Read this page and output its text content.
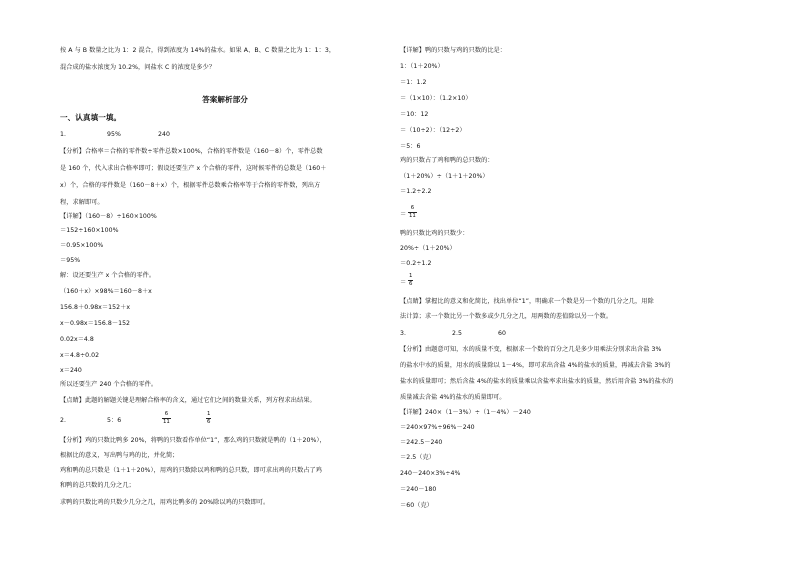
按 A 与 B 数量之比为 1：2 混合，得到浓度为 14%的盐水。如果 A、B、C 数量之比为 1：1：3，
混合成的盐水浓度为 10.2%，问盐水 C 的浓度是多少？
答案解析部分
一、认真填一填。
1.	95%	240
【分析】合格率＝合格的零件数÷零件总数×100%，合格的零件数是（160－8）个，零件总数
是 160 个，代入求出合格率即可；假设还要生产 x 个合格的零件，这时候零件的总数是（160＋
x）个，合格的零件数是（160－8＋x）个，根据零件总数乘合格率等于合格的零件数，列出方
程，求解即可。
【详解】（160－8）÷160×100%
＝152÷160×100%
＝0.95×100%
＝95%
解：设还要生产 x 个合格的零件。
（160＋x）×98%＝160－8＋x
156.8＋0.98x＝152＋x
x－0.98x＝156.8－152
0.02x＝4.8
x＝4.8÷0.02
x＝240
所以还要生产 240 个合格的零件。
【点睛】此题的解题关键是理解合格率的含义，通过它们之间的数量关系，列方程求出结果。
2.	5：6
6
11
1
6
【分析】鸡的只数比鸭多 20%，将鸭的只数看作单位“1”，那么鸡的只数就是鸭的（1＋20%），
根据比的意义，写出鸭与鸡的比，并化简；
鸡和鸭的总只数是（1＋1＋20%），用鸡的只数除以鸡和鸭的总只数，即可求出鸡的只数占了鸡
和鸭的总只数的几分之几；
求鸭的只数比鸡的只数少几分之几，用鸡比鸭多的 20%除以鸡的只数即可。
【详解】鸭的只数与鸡的只数的比是：
1：（1＋20%）
＝1：1.2
＝（1×10）：（1.2×10）
＝10：12
＝（10÷2）：（12÷2）
＝5：6
鸡的只数占了鸡和鸭的总只数的：
（1＋20%）÷（1＋1＋20%）
＝1.2÷2.2
＝
6
11
鸭的只数比鸡的只数少：
20%÷（1＋20%）
＝0.2÷1.2
＝
1
6
【点睛】掌握比的意义和化简比，找出单位“1”，明确求一个数是另一个数的几分之几，用除
法计算；求一个数比另一个数多或少几分之几，用两数的差值除以另一个数。
3.	2.5	60
【分析】由题意可知，水的质量不变，根据求一个数的百分之几是多少用乘法分别求出含盐 3%
的盐水中水的质量，用水的质量除以 1－4%，即可求出含盐 4%的盐水的质量，再减去含盐 3%的
盐水的质量即可；然后含盐 4%的盐水的质量乘以含盐率求出盐水的质量，然后用含盐 3%的盐水的
质量减去含盐 4%的盐水的质量即可。
【详解】240×（1－3%）÷（1－4%）－240
＝240×97%÷96%－240
＝242.5－240
＝2.5（克）
240－240×3%÷4%
＝240－180
＝60（克）
